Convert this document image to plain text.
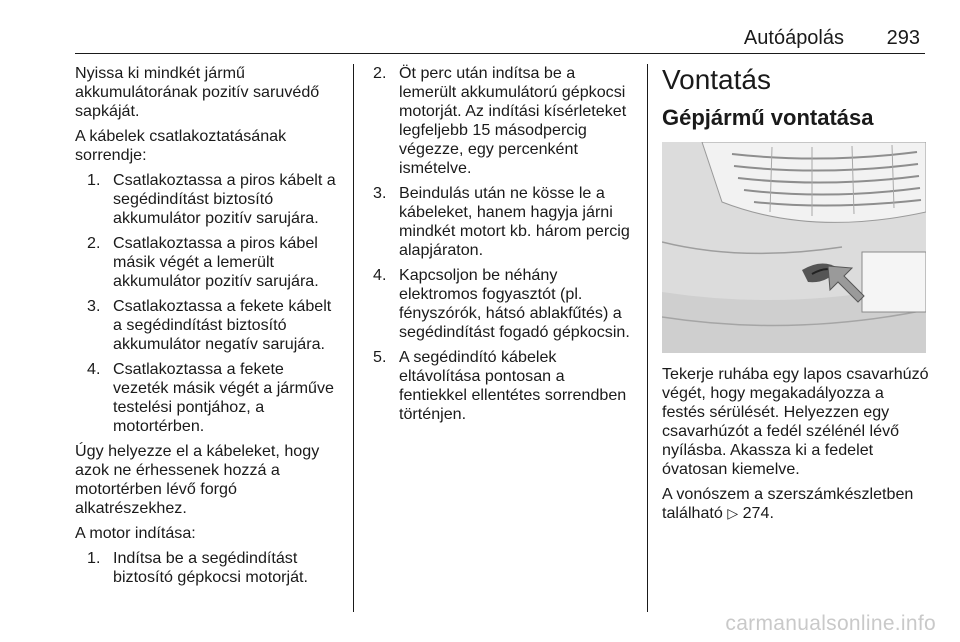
Autóápolás 293

Nyissa ki mindkét jármű akkumulátorának pozitív saruvédő sapkáját.

A kábelek csatlakoztatásának sorrendje:

1. Csatlakoztassa a piros kábelt a segédindítást biztosító akkumulátor pozitív sarujára.
2. Csatlakoztassa a piros kábel másik végét a lemerült akkumulátor pozitív sarujára.
3. Csatlakoztassa a fekete kábelt a segédindítást biztosító akkumulátor negatív sarujára.
4. Csatlakoztassa a fekete vezeték másik végét a járműve testelési pontjához, a motortérben.

Úgy helyezze el a kábeleket, hogy azok ne érhessenek hozzá a motortérben lévő forgó alkatrészekhez.

A motor indítása:

1. Indítsa be a segédindítást biztosító gépkocsi motorját.
2. Öt perc után indítsa be a lemerült akkumulátorú gépkocsi motorját. Az indítási kísérleteket legfeljebb 15 másodpercig végezze, egy percenként ismételve.
3. Beindulás után ne kösse le a kábeleket, hanem hagyja járni mindkét motort kb. három percig alapjáraton.
4. Kapcsoljon be néhány elektromos fogyasztót (pl. fényszórók, hátsó ablakfűtés) a segédindítást fogadó gépkocsin.
5. A segédindító kábelek eltávolítása pontosan a fentiekkel ellentétes sorrendben történjen.
Vontatás
Gépjármű vontatása

Tekerje ruhába egy lapos csavarhúzó végét, hogy megakadályozza a festés sérülését. Helyezzen egy csavarhúzót a fedél szélénél lévő nyílásba. Akassza ki a fedelet óvatosan kiemelve.

A vonószem a szerszámkészletben található ▷ 274.

carmanualsonline.info
